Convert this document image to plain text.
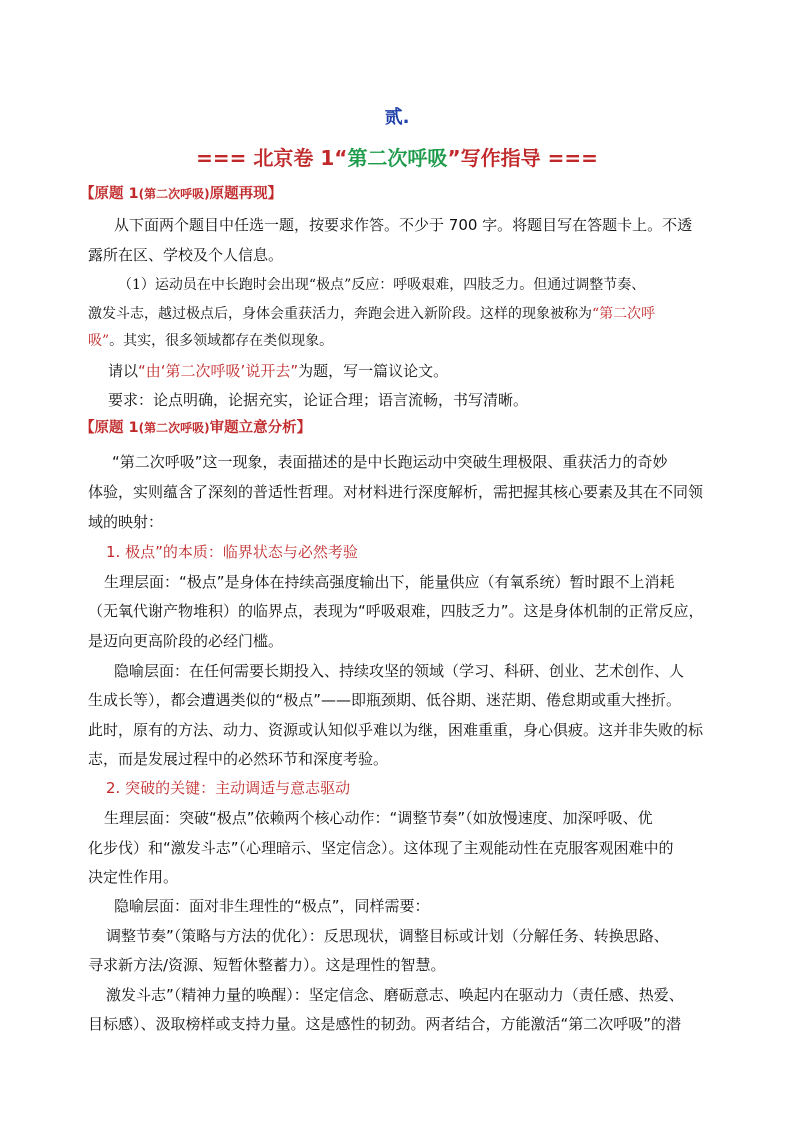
贰.
=== 北京卷 1“第二次呼吸”写作指导 ===
【原题 1(第二次呼吸)原题再现】
从下面两个题目中任选一题，按要求作答。不少于 700 字。将题目写在答题卡上。不透
露所在区、学校及个人信息。
（1）运动员在中长跑时会出现“极点”反应：呼吸艰难，四肢乏力。但通过调整节奏、
激发斗志，越过极点后，身体会重获活力，奔跑会进入新阶段。这样的现象被称为“第二次呼
吸”。其实，很多领域都存在类似现象。
请以“由‘第二次呼吸’说开去”为题，写一篇议论文。
要求：论点明确，论据充实，论证合理；语言流畅，书写清晰。
【原题 1(第二次呼吸)审题立意分析】
“第二次呼吸”这一现象，表面描述的是中长跑运动中突破生理极限、重获活力的奇妙
体验，实则蕴含了深刻的普适性哲理。对材料进行深度解析，需把握其核心要素及其在不同领
域的映射：
1. 极点”的本质：临界状态与必然考验
生理层面：“极点”是身体在持续高强度输出下，能量供应（有氧系统）暂时跟不上消耗
（无氧代谢产物堆积）的临界点，表现为“呼吸艰难，四肢乏力”。这是身体机制的正常反应，
是迈向更高阶段的必经门槛。
隐喻层面：在任何需要长期投入、持续攻坚的领域（学习、科研、创业、艺术创作、人
生成长等），都会遭遇类似的“极点”——即瓶颈期、低谷期、迷茫期、倦怠期或重大挫折。
此时，原有的方法、动力、资源或认知似乎难以为继，困难重重，身心俱疲。这并非失败的标
志，而是发展过程中的必然环节和深度考验。
2. 突破的关键：主动调适与意志驱动
生理层面：突破“极点”依赖两个核心动作：“调整节奏”（如放慢速度、加深呼吸、优
化步伐）和“激发斗志”（心理暗示、坚定信念）。这体现了主观能动性在克服客观困难中的
决定性作用。
隐喻层面：面对非生理性的“极点”，同样需要：
调整节奏”（策略与方法的优化）：反思现状，调整目标或计划（分解任务、转换思路、
寻求新方法/资源、短暂休整蓄力）。这是理性的智慧。
激发斗志”（精神力量的唤醒）：坚定信念、磨砺意志、唤起内在驱动力（责任感、热爱、
目标感）、汲取榜样或支持力量。这是感性的韧劲。两者结合，方能激活“第二次呼吸”的潜
